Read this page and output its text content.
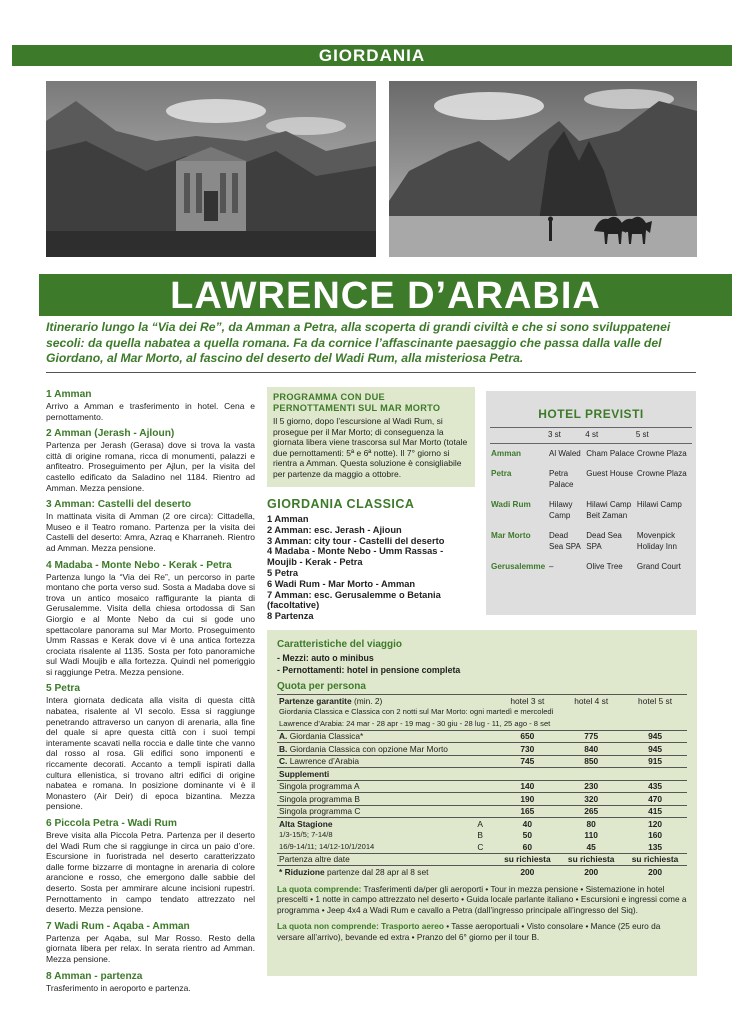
GIORDANIA
LAWRENCE D’ARABIA

Itinerario lungo la “Via dei Re”, da Amman a Petra, alla scoperta di grandi civiltà e che si sono sviluppatenei secoli: da quella nabatea a quella romana. Fa da cornice l’affascinante paesaggio che passa dalla valle del Giordano, al Mar Morto, al fascino del deserto del Wadi Rum, alla misteriosa Petra.

1 Amman

Arrivo a Amman e trasferimento in hotel. Cena e pernottamento.

2 Amman (Jerash - Ajloun)

Partenza per Jerash (Gerasa) dove si trova la vasta città di origine romana, ricca di monumenti, palazzi e anfiteatro. Proseguimento per Ajlun, per la visita del castello edificato da Saladino nel 1184. Rientro ad Amman. Mezza pensione.

3 Amman: Castelli del deserto

In mattinata visita di Amman (2 ore circa): Cittadella, Museo e il Teatro romano. Partenza per la visita dei Castelli del deserto: Amra, Azraq e Kharraneh. Rientro ad Amman. Mezza pensione.

4 Madaba - Monte Nebo - Kerak - Petra

Partenza lungo la “Via dei Re”, un percorso in parte montano che porta verso sud. Sosta a Madaba dove si trova un antico mosaico raffigurante la pianta di Gerusalemme. Visita della chiesa ortodossa di San Giorgio e al Monte Nebo da cui si gode uno spettacolare panorama sul Mar Morto. Proseguimento Umm Rassas e Kerak dove vi è una antica fortezza crociata risalente al 1135. Sosta per foto panoramiche sul Wadi Moujib e alla fortezza. Quindi nel pomeriggio si raggiunge Petra. Mezza pensione.

5 Petra

Intera giornata dedicata alla visita di questa città nabatea, risalente al VI secolo. Essa si raggiunge penetrando attraverso un canyon di arenaria, alla fine del quale si apre questa città con i suoi tempi interamente scavati nella roccia e dalle tinte che vanno dal rosso al rosa. Gli edifici sono imponenti e riccamente decorati. Accanto a templi ispirati dalla cultura ellenistica, si trovano altri edifici di origine nabatea e romana. In posizione dominante vi è il Monastero (Air Deir) di epoca bizantina. Mezza pensione.

6 Piccola Petra - Wadi Rum

Breve visita alla Piccola Petra. Partenza per il deserto del Wadi Rum che si raggiunge in circa un paio d’ore. Escursione in fuoristrada nel deserto caratterizzato dalle forme bizzarre di montagne in arenaria di colore arancione e rosso, che emergono dalle sabbie del deserto. Sosta per ammirare alcune incisioni rupestri. Pernottamento in campo tendato attrezzato nel deserto. Mezza pensione.

7 Wadi Rum - Aqaba - Amman

Partenza per Aqaba, sul Mar Rosso. Resto della giornata libera per relax. In serata rientro ad Amman. Mezza pensione.

8 Amman - partenza

Trasferimento in aeroporto e partenza.

PROGRAMMA CON DUE PERNOTTAMENTI SUL MAR MORTO

Il 5 giorno, dopo l’escursione al Wadi Rum, si prosegue per il Mar Morto; di conseguenza la giornata libera viene trascorsa sul Mar Morto (totale due pernottamenti: 5ª e 6ª notte). Il 7° giorno si rientra a Amman. Questa soluzione è consigliabile per partenze da maggio a ottobre.

GIORDANIA CLASSICA
1 Amman
2 Amman: esc. Jerash - Ajioun
3 Amman: city tour - Castelli del deserto
4 Madaba - Monte Nebo - Umm Rassas - Moujib - Kerak - Petra
5 Petra
6 Wadi Rum - Mar Morto - Amman
7 Amman: esc. Gerusalemme o Betania (facoltative)
8 Partenza
HOTEL PREVISTI
	3 st	4 st	5 st
Amman	Al Waled	Cham Palace	Crowne Plaza
Petra	Petra Palace	Guest House	Crowne Plaza
Wadi Rum	Hilawy Camp	Hilawi Camp Beit Zaman	Hilawi Camp
Mar Morto	Dead Sea SPA	Dead Sea SPA	Movenpick Holiday Inn
Gerusalemme	–	Olive Tree	Grand Court
Caratteristiche del viaggio
- Mezzi: auto o minibus
- Pernottamenti: hotel in pensione completa
Quota per persona
Partenze garantite (min. 2)		hotel 3 st	hotel 4 st	hotel 5 st
Giordania Classica e Classica con 2 notti sul Mar Morto: ogni martedì e mercoledì				
Lawrence d’Arabia: 24 mar - 28 apr - 19 mag - 30 giu - 28 lug - 11, 25 ago - 8 set				
A. Giordania Classica*		650	775	945
B. Giordania Classica con opzione Mar Morto		730	840	945
C. Lawrence d’Arabia		745	850	915
Supplementi				
Singola programma A		140	230	435
Singola programma B		190	320	470
Singola programma C		165	265	415
Alta Stagione	A	40	80	120
1/3-15/5; 7-14/8	B	50	110	160
16/9-14/11; 14/12-10/1/2014	C	60	45	135
Partenza altre date		su richiesta	su richiesta	su richiesta
* Riduzione partenze dal 28 apr al 8 set		200	200	200

La quota comprende: Trasferimenti da/per gli aeroporti • Tour in mezza pensione • Sistemazione in hotel prescelti • 1 notte in campo attrezzato nel deserto • Guida locale parlante italiano • Escursioni e ingressi come a programma • Jeep 4x4 a Wadi Rum e cavallo a Petra (dall’ingresso principale all’ingresso del Siq).

La quota non comprende: Trasporto aereo • Tasse aeroportuali • Visto consolare • Mance (25 euro da versare all’arrivo), bevande ed extra • Pranzo del 6° giorno per il tour B.
